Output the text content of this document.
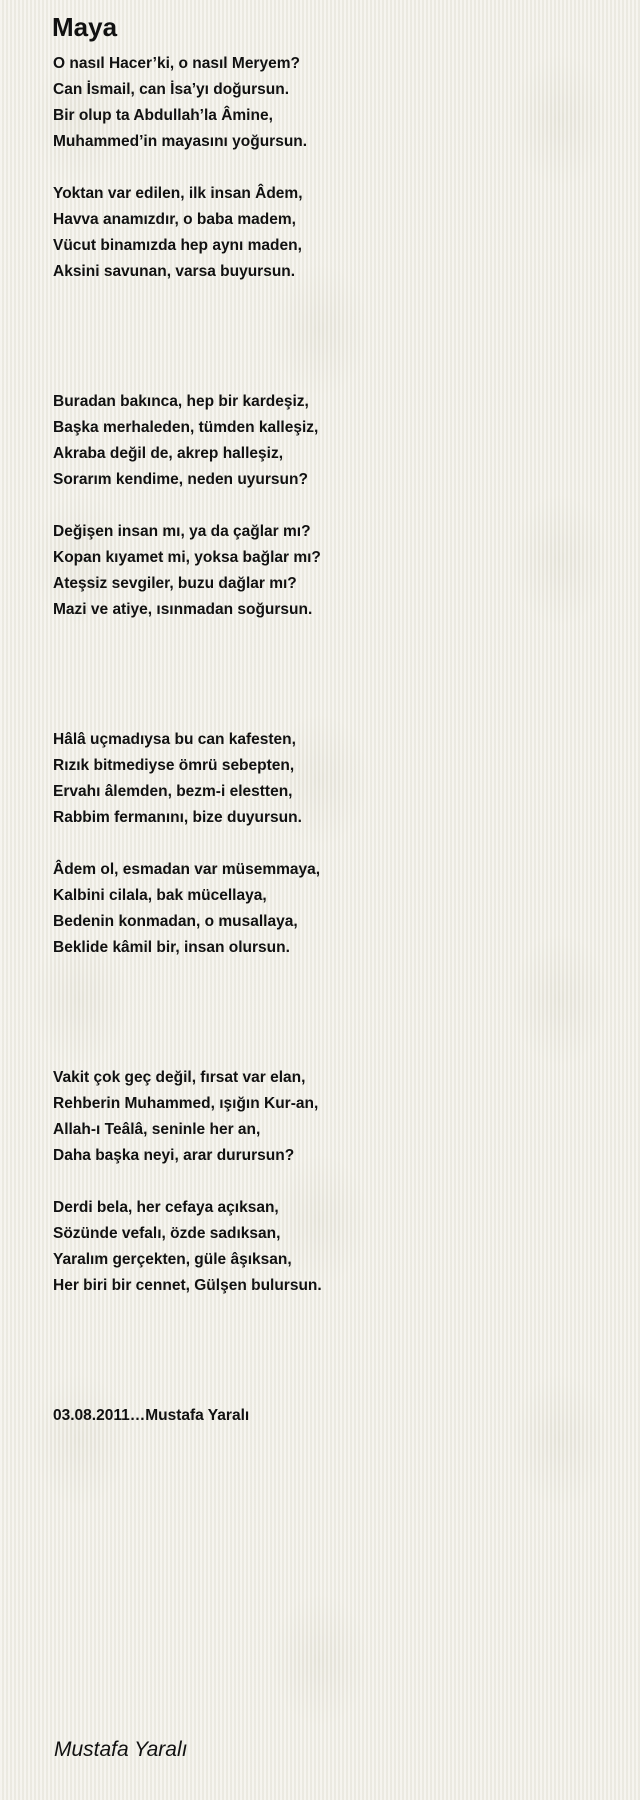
Maya
O nasıl Hacer’ki, o nasıl Meryem?
Can İsmail, can İsa’yı doğursun.
Bir olup ta Abdullah’la Âmine,
Muhammed’in mayasını yoğursun.
Yoktan var edilen, ilk insan Âdem,
Havva anamızdır, o baba madem,
Vücut binamızda hep aynı maden,
Aksini savunan, varsa buyursun.
Buradan bakınca, hep bir kardeşiz,
Başka merhaleden, tümden kalleşiz,
Akraba değil de, akrep halleşiz,
Sorarım kendime, neden uyursun?
Değişen insan mı, ya da çağlar mı?
Kopan kıyamet mi, yoksa bağlar mı?
Ateşsiz sevgiler, buzu dağlar mı?
Mazi ve atiye, ısınmadan soğursun.
Hâlâ uçmadıysa bu can kafesten,
Rızık bitmediyse ömrü sebepten,
Ervahı âlemden, bezm-i elestten,
Rabbim fermanını, bize duyursun.
Âdem ol, esmadan var müsemmaya,
Kalbini cilala, bak mücellaya,
Bedenin konmadan, o musallaya,
Beklide kâmil bir, insan olursun.
Vakit çok geç değil, fırsat var elan,
Rehberin Muhammed, ışığın Kur-an,
Allah-ı Teâlâ, seninle her an,
Daha başka neyi, arar durursun?
Derdi bela, her cefaya açıksan,
Sözünde vefalı, özde sadıksan,
Yaralım gerçekten, güle âşıksan,
Her biri bir cennet, Gülşen bulursun.
03.08.2011…Mustafa Yaralı
Mustafa Yaralı
